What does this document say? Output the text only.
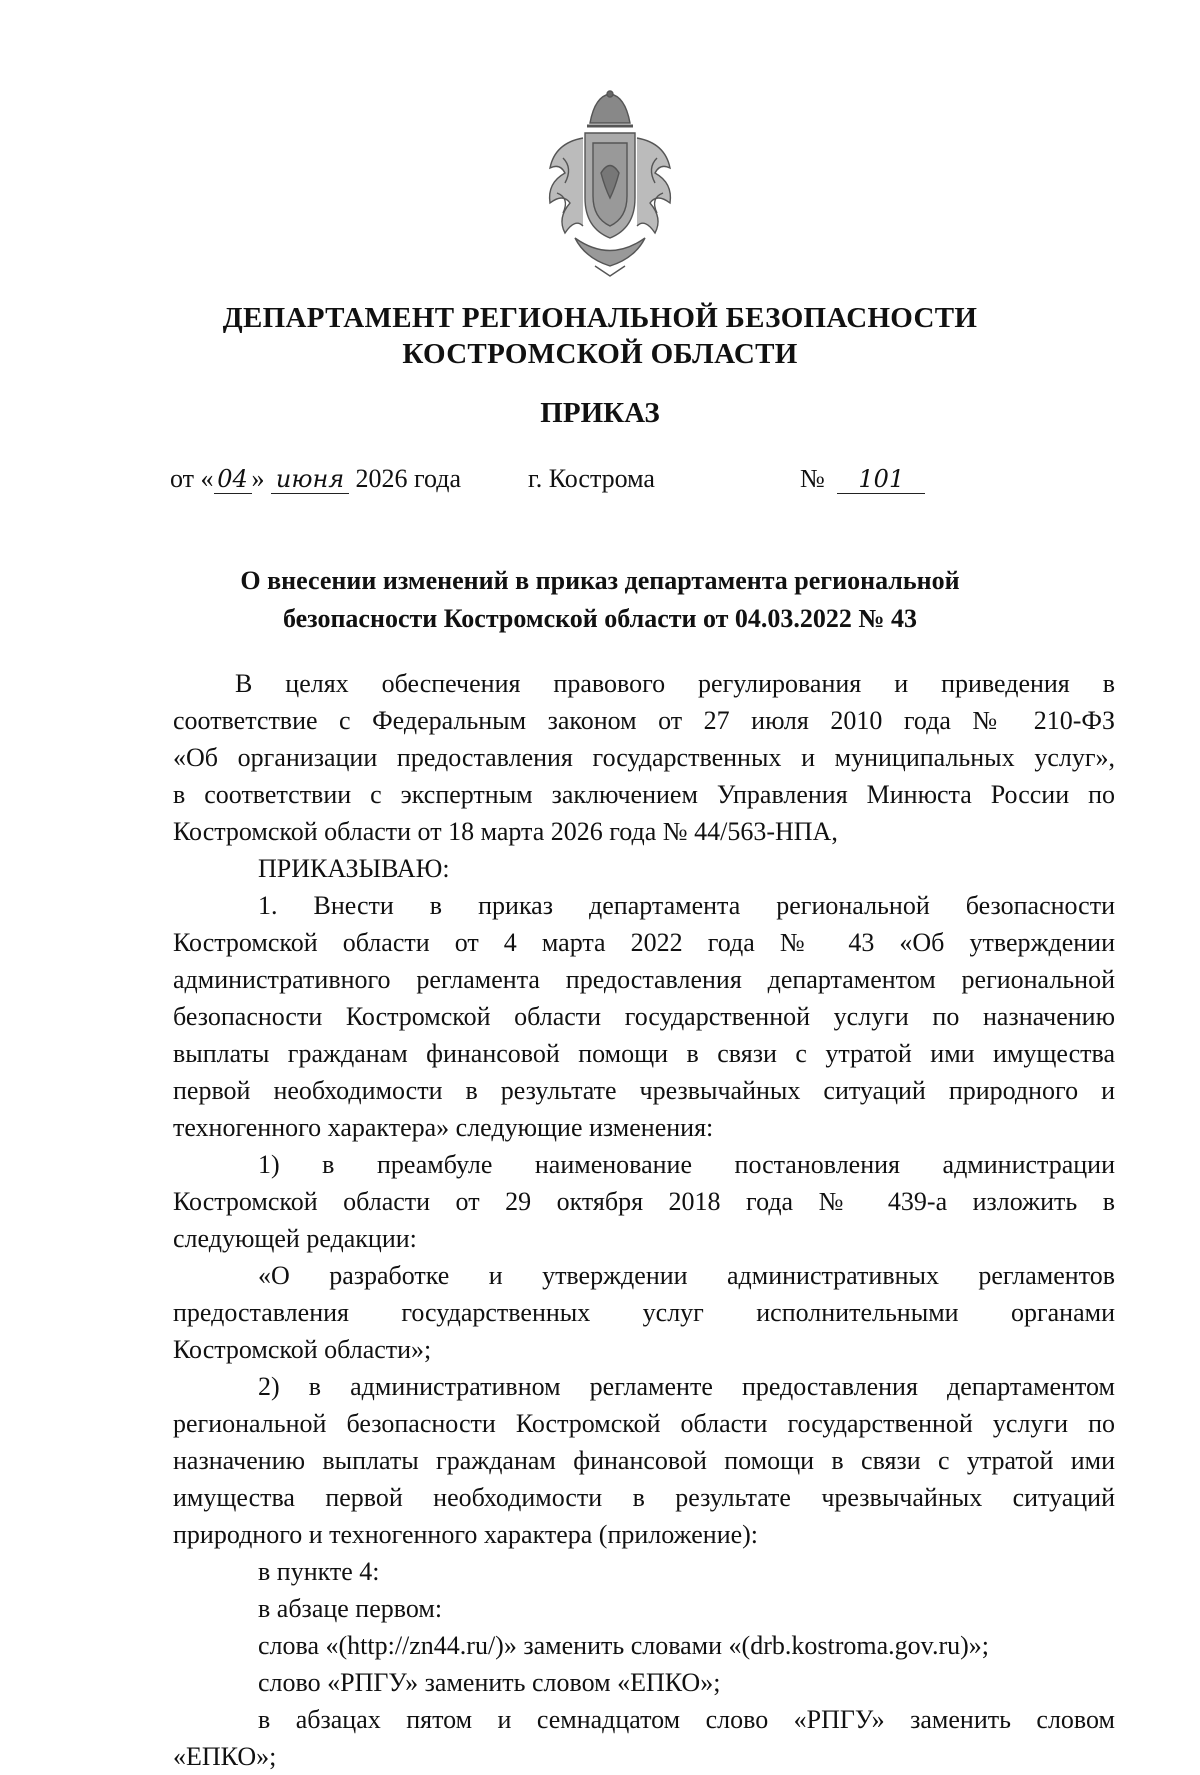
ДЕПАРТАМЕНТ РЕГИОНАЛЬНОЙ БЕЗОПАСНОСТИ
КОСТРОМСКОЙ ОБЛАСТИ
ПРИКАЗ
от « 04 » июня 2026 года	г. Кострома	№ 101
О внесении изменений в приказ департамента региональной
безопасности Костромской области от 04.03.2022 № 43

В целях обеспечения правового регулирования и приведения в

соответствие с Федеральным законом от 27 июля 2010 года № 210-ФЗ

«Об организации предоставления государственных и муниципальных услуг»,

в соответствии с экспертным заключением Управления Минюста России по

Костромской области от 18 марта 2026 года № 44/563-НПА,

ПРИКАЗЫВАЮ:

1. Внести в приказ департамента региональной безопасности

Костромской области от 4 марта 2022 года № 43 «Об утверждении

административного регламента предоставления департаментом региональной

безопасности Костромской области государственной услуги по назначению

выплаты гражданам финансовой помощи в связи с утратой ими имущества

первой необходимости в результате чрезвычайных ситуаций природного и

техногенного характера» следующие изменения:

1) в преамбуле наименование постановления администрации

Костромской области от 29 октября 2018 года № 439-а изложить в

следующей редакции:

«О разработке и утверждении административных регламентов

предоставления государственных услуг исполнительными органами

Костромской области»;

2) в административном регламенте предоставления департаментом

региональной безопасности Костромской области государственной услуги по

назначению выплаты гражданам финансовой помощи в связи с утратой ими

имущества первой необходимости в результате чрезвычайных ситуаций

природного и техногенного характера (приложение):

в пункте 4:

в абзаце первом:

слова «(http://zn44.ru/)» заменить словами «(drb.kostroma.gov.ru)»;

слово «РПГУ» заменить словом «ЕПКО»;

в абзацах пятом и семнадцатом слово «РПГУ» заменить словом

«ЕПКО»;
